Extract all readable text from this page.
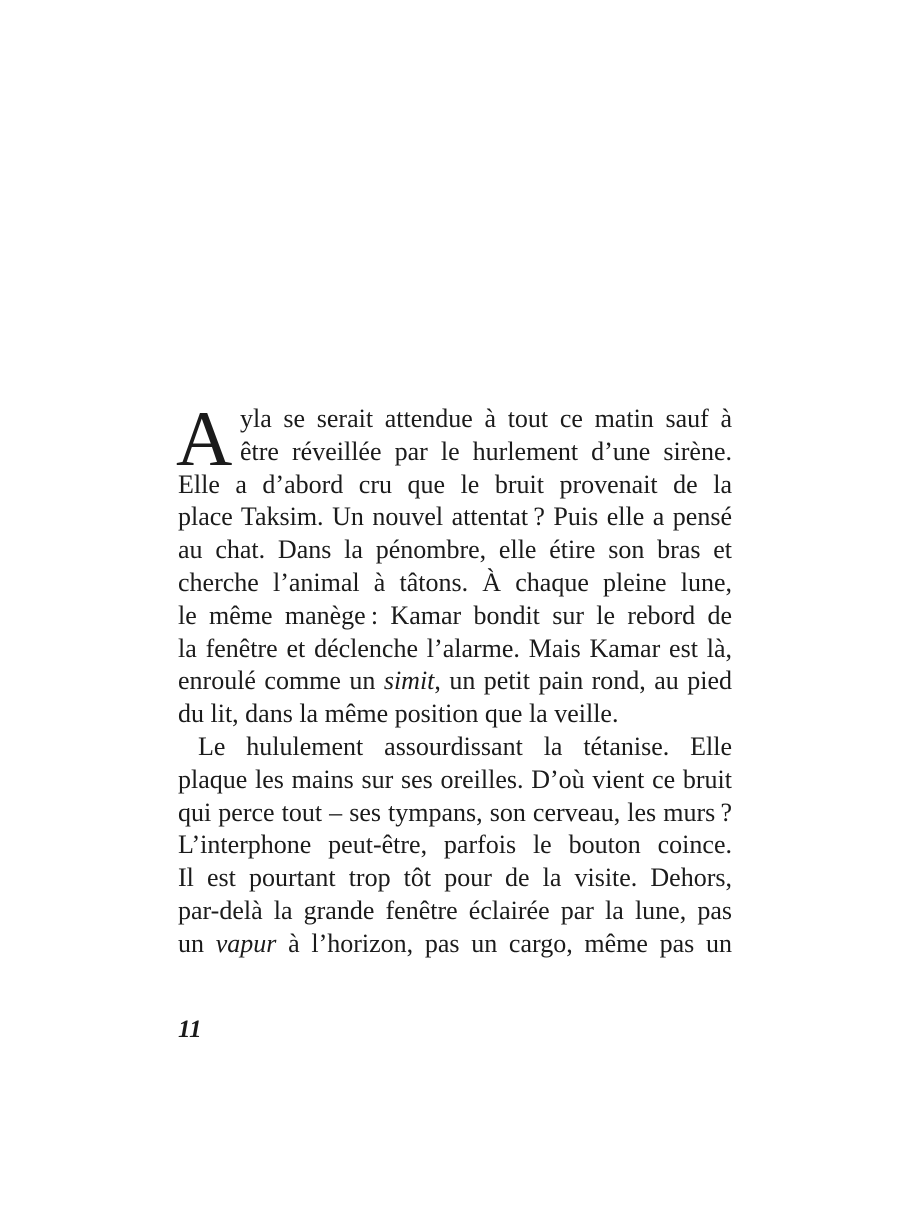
A yla se serait attendue à tout ce matin sauf à
être réveillée par le hurlement d’une sirène.
Elle a d’abord cru que le bruit provenait de la
place Taksim. Un nouvel attentat ? Puis elle a pensé
au chat. Dans la pénombre, elle étire son bras et
cherche l’animal à tâtons. À chaque pleine lune,
le même manège : Kamar bondit sur le rebord de
la fenêtre et déclenche l’alarme. Mais Kamar est là,
enroulé comme un simit, un petit pain rond, au pied
du lit, dans la même position que la veille.
Le hululement assourdissant la tétanise. Elle
plaque les mains sur ses oreilles. D’où vient ce bruit
qui perce tout – ses tympans, son cerveau, les murs ?
L’interphone peut-être, parfois le bouton coince.
Il est pourtant trop tôt pour de la visite. Dehors,
par-delà la grande fenêtre éclairée par la lune, pas
un vapur à l’horizon, pas un cargo, même pas un
11
